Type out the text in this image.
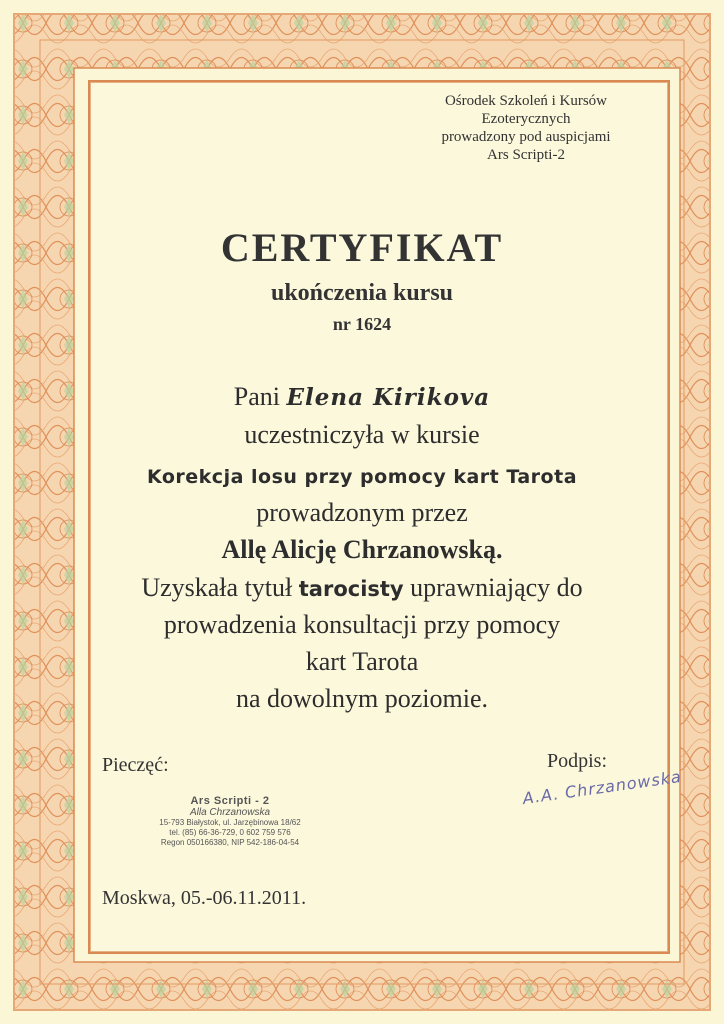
Ośrodek Szkoleń i Kursów
Ezoterycznych
prowadzony pod auspicjami
Ars Scripti-2
CERTYFIKAT
ukończenia kursu
nr 1624
Pani Elena Kirikova
uczestniczyła w kursie
Korekcja losu przy pomocy kart Tarota
prowadzonym przez
Allę Alicję Chrzanowską.
Uzyskała tytuł tarocisty uprawniający do
prowadzenia konsultacji przy pomocy
kart Tarota
na dowolnym poziomie.
Pieczęć:	Podpis:
Ars Scripti - 2
Alla Chrzanowska
15-793 Białystok, ul. Jarzębinowa 18/62
tel. (85) 66-36-729, 0 602 759 576
Regon 050166380, NIP 542-186-04-54
A.A. Chrzanowska
Moskwa, 05.-06.11.2011.
